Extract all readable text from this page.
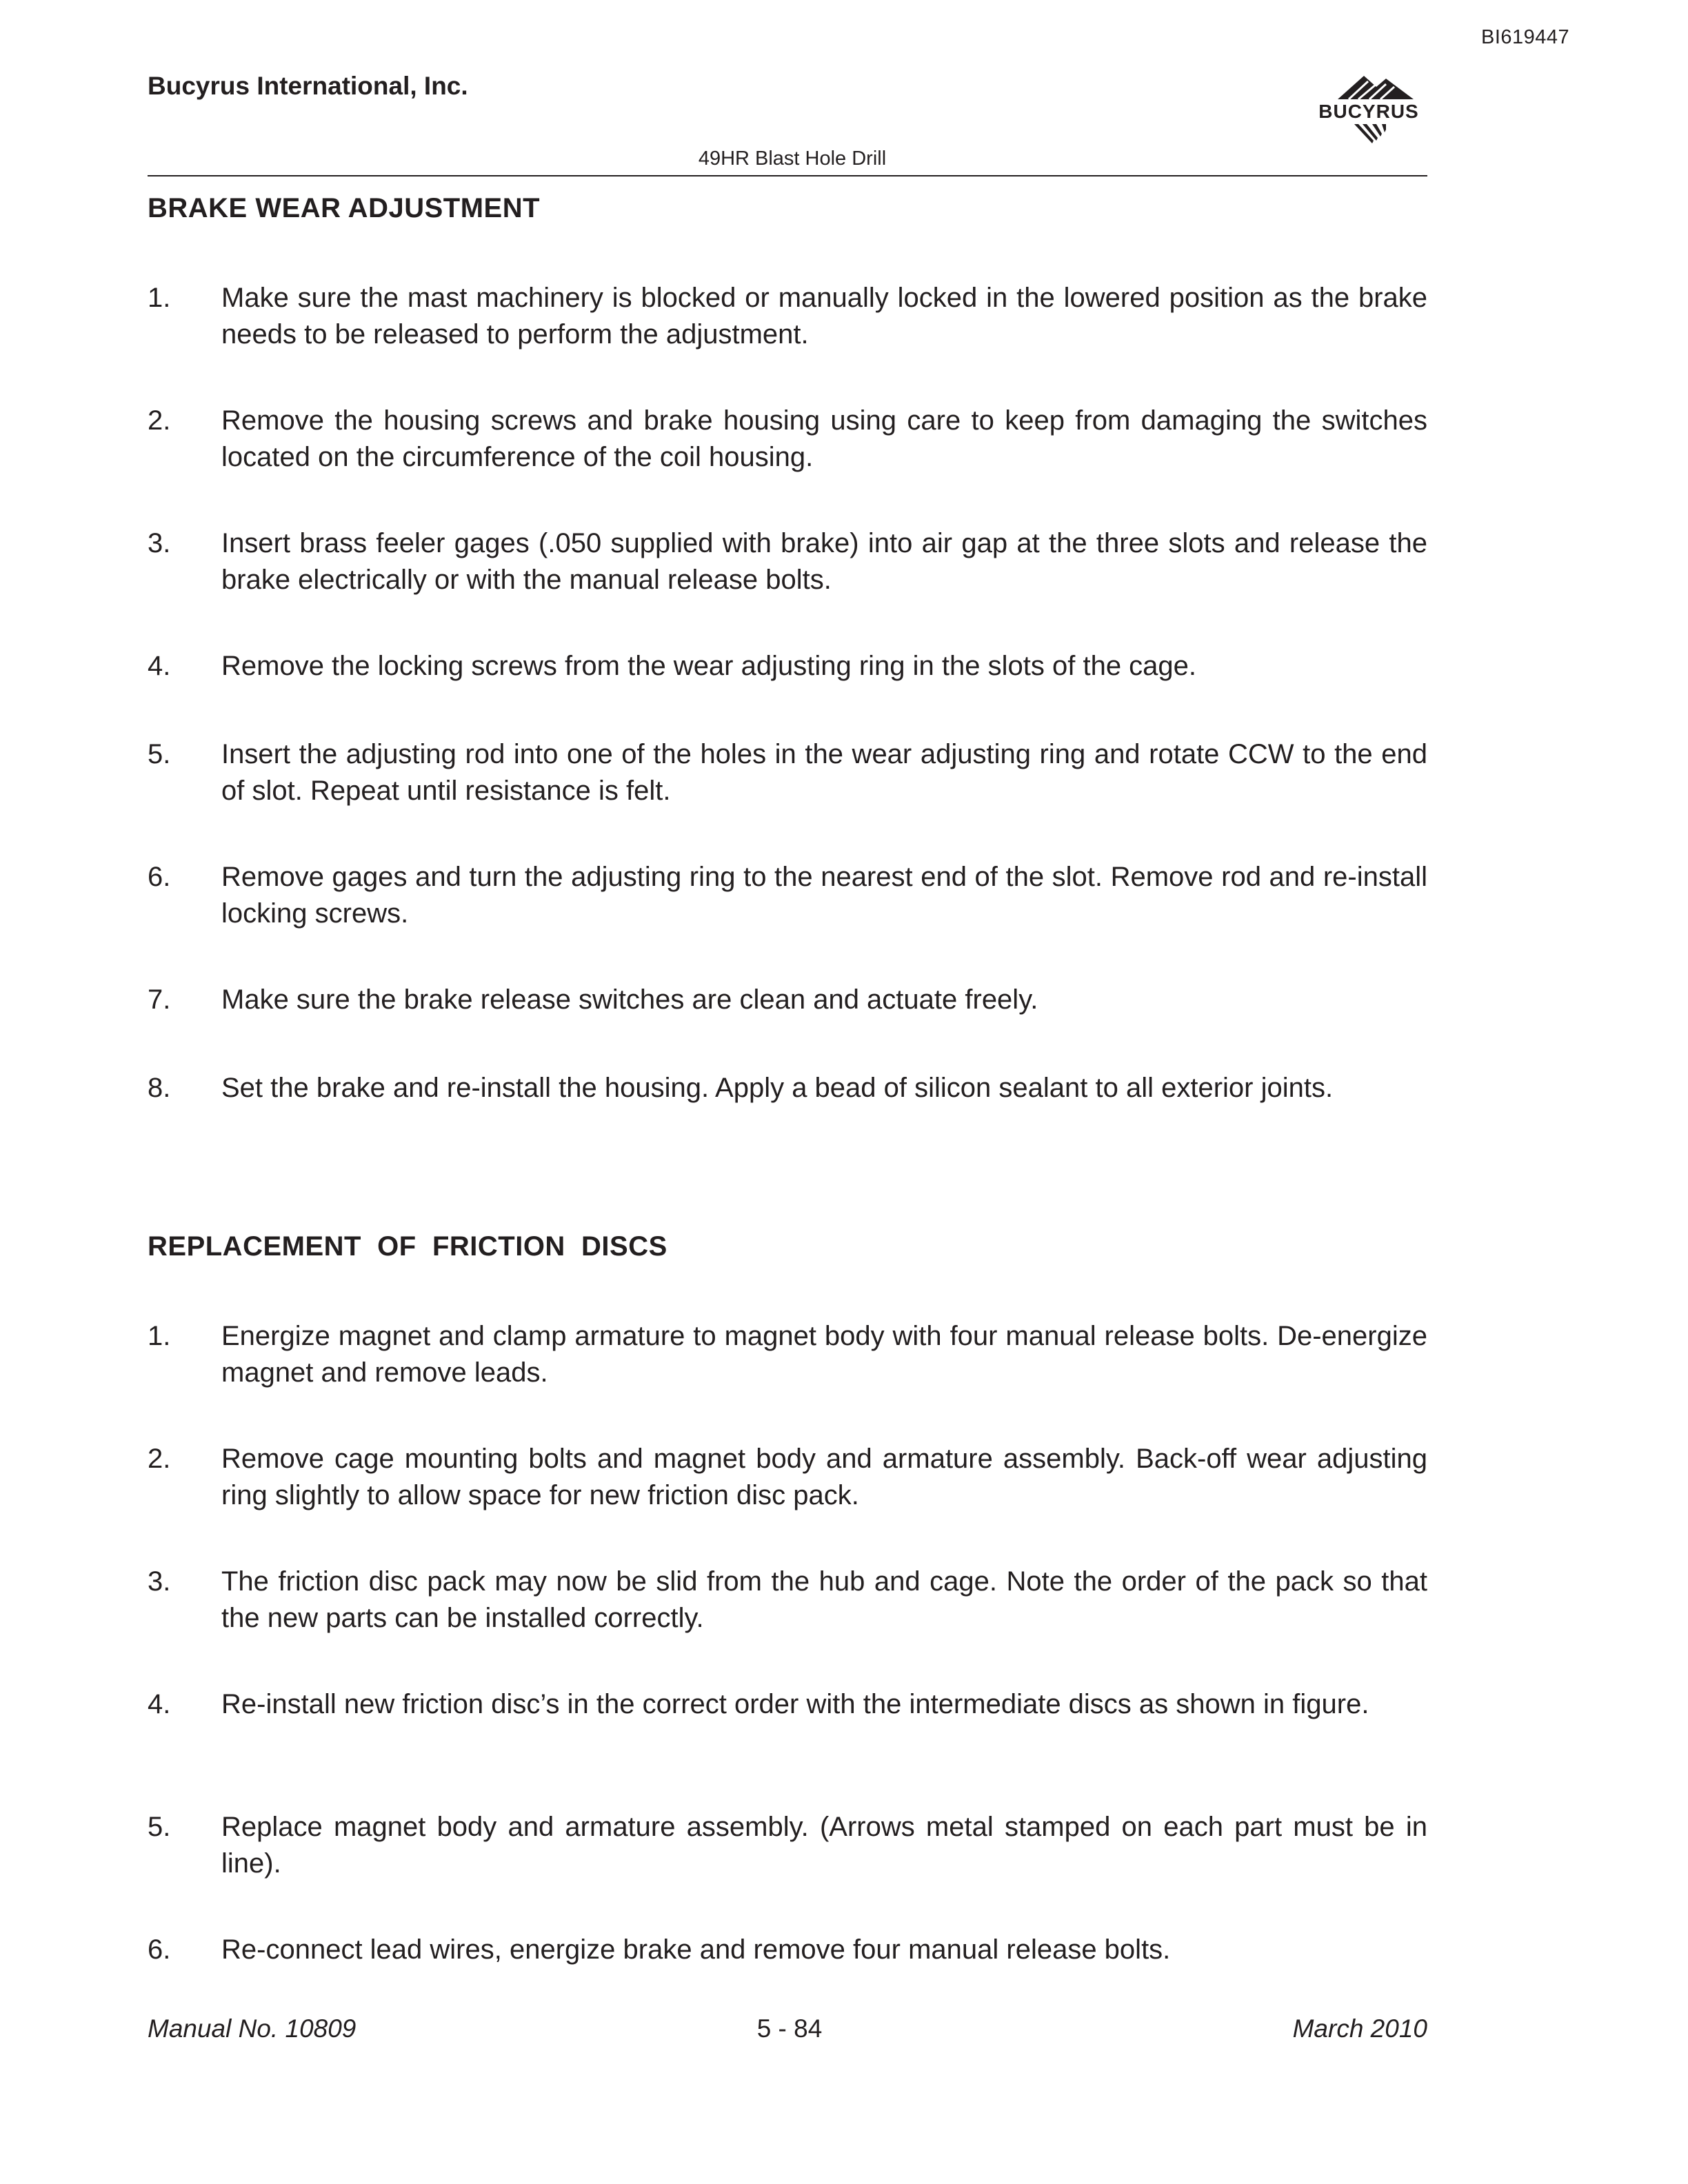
BI619447
Bucyrus International, Inc.
BUCYRUS
49HR Blast Hole Drill
BRAKE WEAR ADJUSTMENT
1. Make sure the mast machinery is blocked or manually locked in the lowered position as the brake needs to be released to perform the adjustment.
2. Remove the housing screws and brake housing using care to keep from damaging the switches located on the circumference of the coil housing.
3. Insert brass feeler gages (.050 supplied with brake) into air gap at the three slots and release the brake electrically or with the manual release bolts.
4. Remove the locking screws from the wear adjusting ring in the slots of the cage.
5. Insert the adjusting rod into one of the holes in the wear adjusting ring and rotate CCW to the end of slot. Repeat until resistance is felt.
6. Remove gages and turn the adjusting ring to the nearest end of the slot. Remove rod and re-install locking screws.
7. Make sure the brake release switches are clean and actuate freely.
8. Set the brake and re-install the housing. Apply a bead of silicon sealant to all exterior joints.
REPLACEMENT  OF  FRICTION  DISCS
1. Energize magnet and clamp armature to magnet body with four manual release bolts. De-energize magnet and remove leads.
2. Remove cage mounting bolts and magnet body and armature assembly. Back-off wear adjusting ring slightly to allow space for new friction disc pack.
3. The friction disc pack may now be slid from the hub and cage. Note the order of the pack so that the new parts can be installed correctly.
4. Re-install new friction disc’s in the correct order with the intermediate discs as shown in figure.
5. Replace magnet body and armature assembly. (Arrows metal stamped on each part must be in line).
6. Re-connect lead wires, energize brake and remove four manual release bolts.
Manual No. 10809	5 - 84	March 2010
